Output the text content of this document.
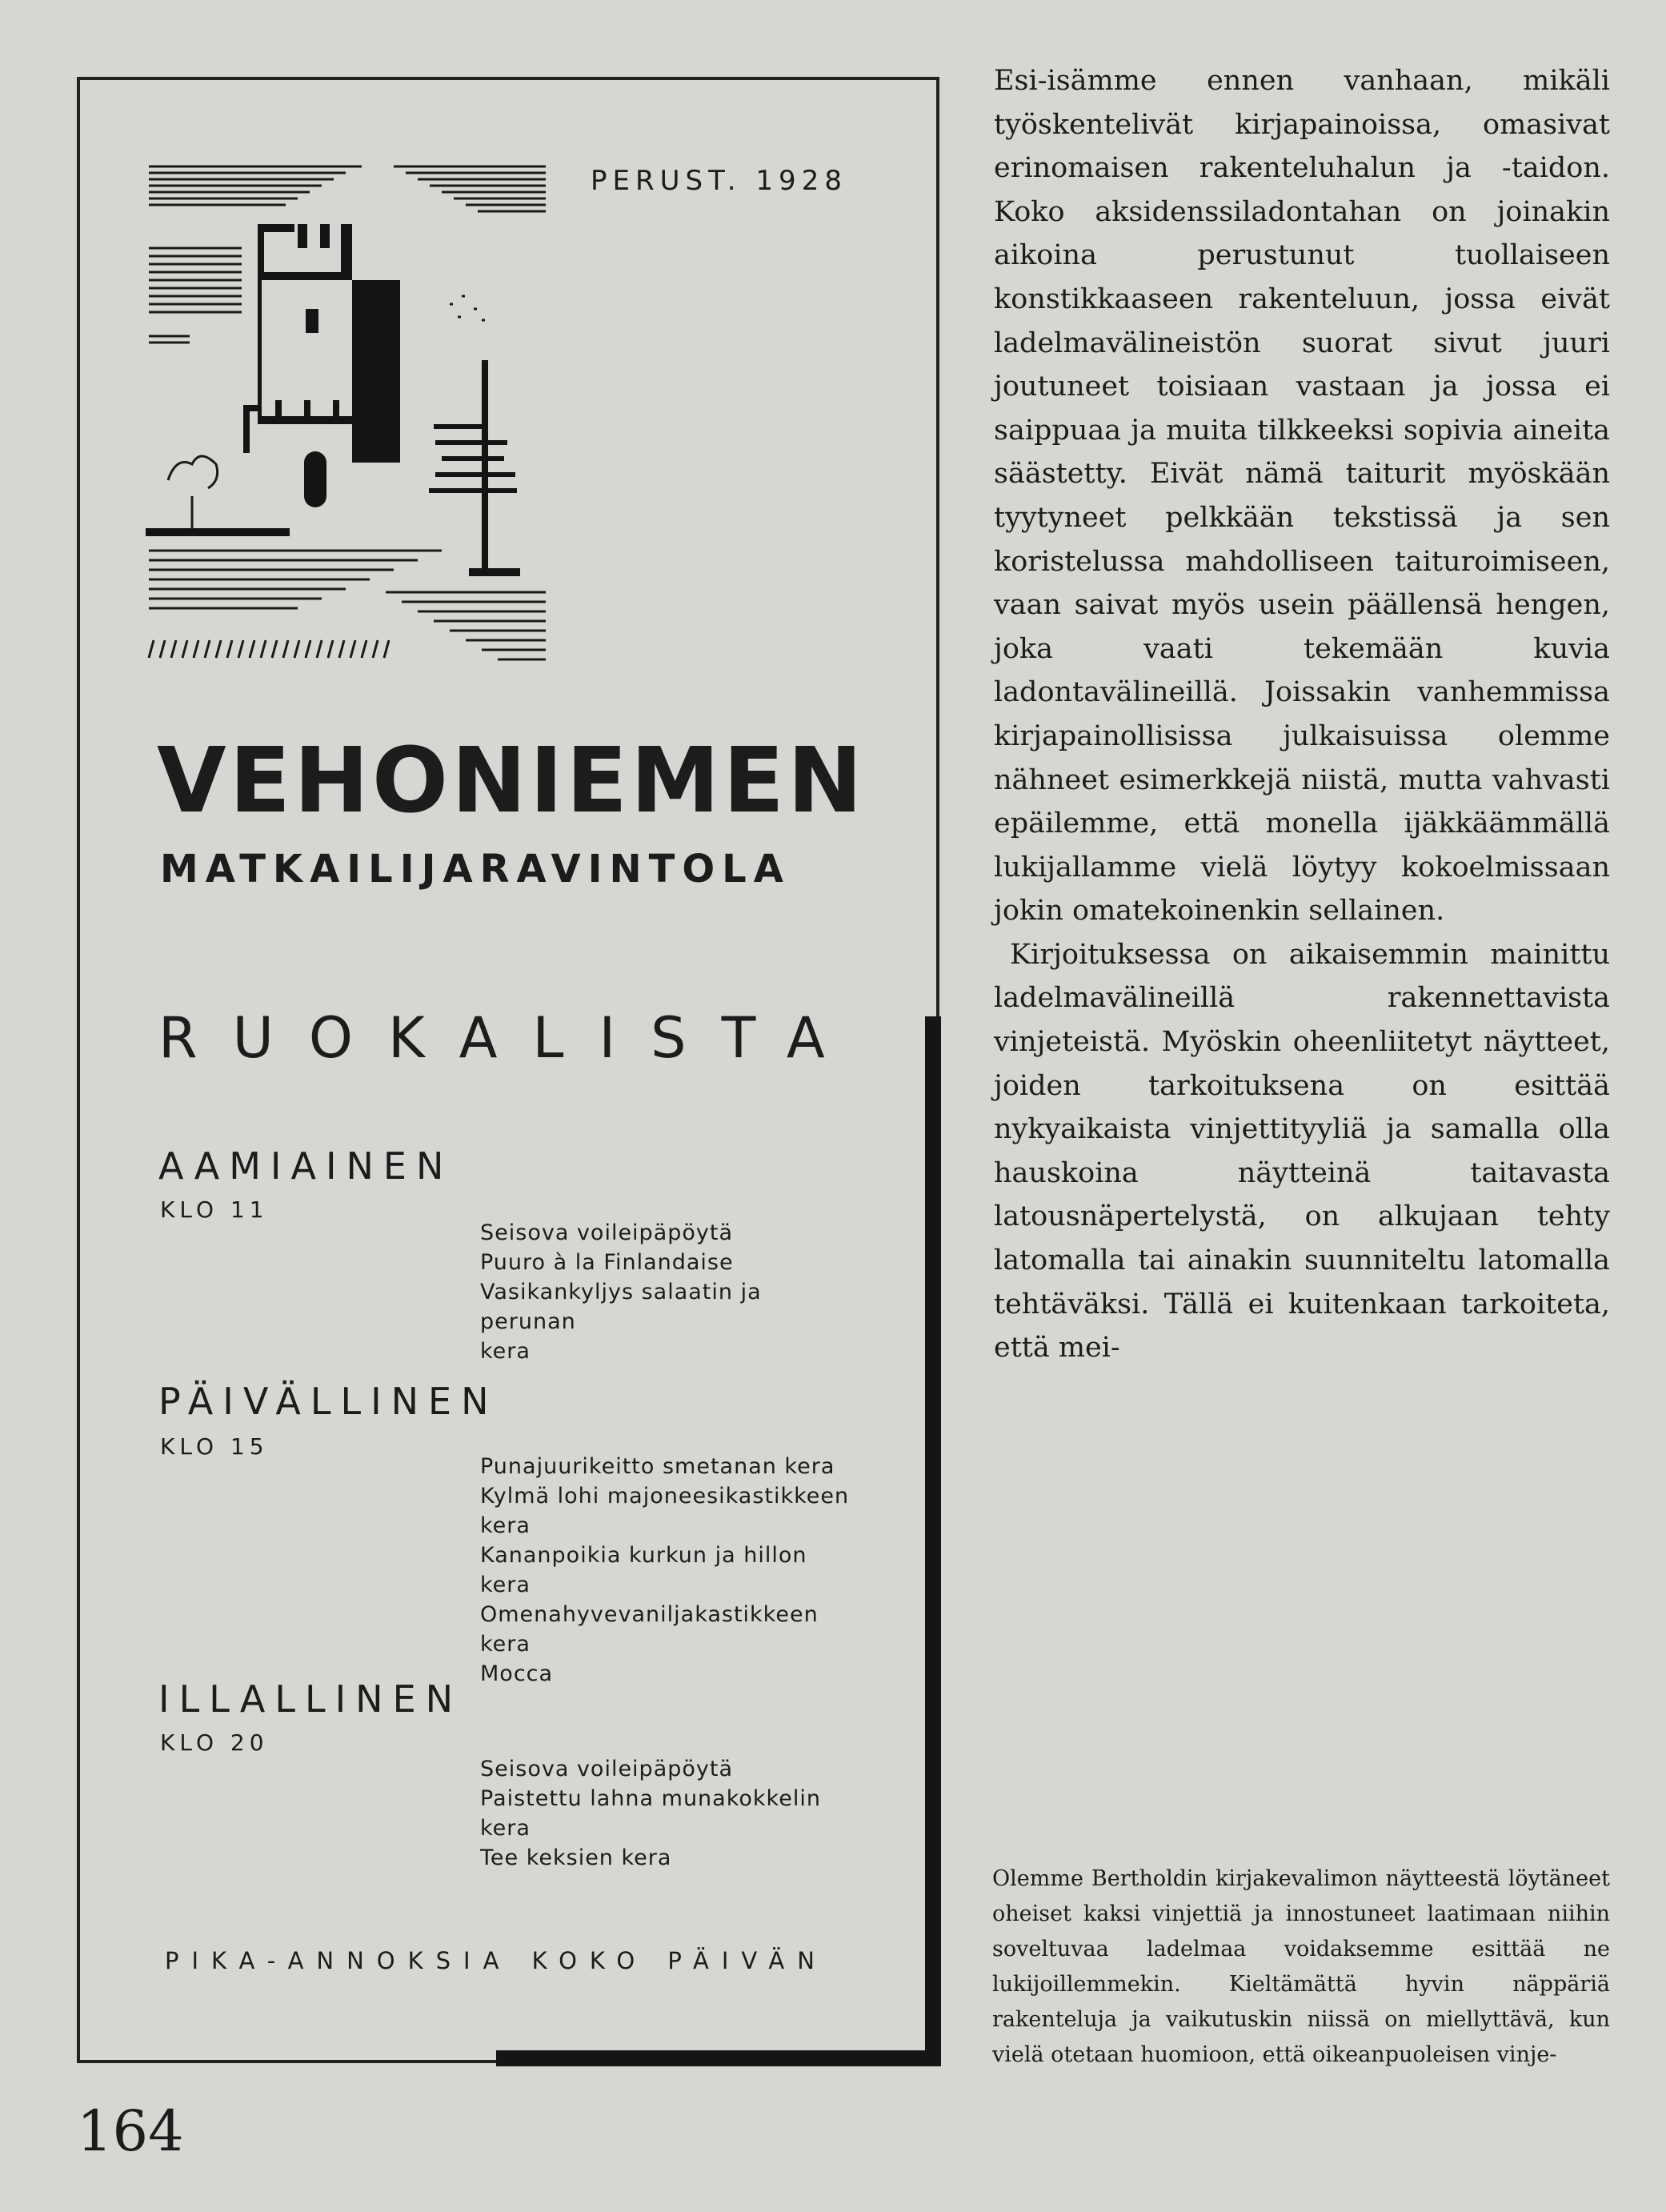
PERUST. 1928
VEHONIEMEN
MATKAILIJARAVINTOLA
RUOKALISTA
AAMIAINEN
KLO 11
Seisova voileipäpöytä
Puuro à la Finlandaise
Vasikankyljys salaatin ja perunan
kera
PÄIVÄLLINEN
KLO 15
Punajuurikeitto smetanan kera
Kylmä lohi majoneesikastikkeen
kera
Kananpoikia kurkun ja hillon kera
Omenahyvevaniljakastikkeen kera
Mocca
ILLALLINEN
KLO 20
Seisova voileipäpöytä
Paistettu lahna munakokkelin kera
Tee keksien kera
PIKA-ANNOKSIA KOKO PÄIVÄN

Esi-isämme ennen vanhaan, mikäli työskentelivät kirjapainoissa, omasivat erinomaisen rakenteluhalun ja -taidon. Koko aksidenssiladontahan on joinakin aikoina perustunut tuollaiseen konstikkaaseen rakenteluun, jossa eivät ladelmavälineistön suorat sivut juuri joutuneet toisiaan vastaan ja jossa ei saippuaa ja muita tilkkeeksi sopivia aineita säästetty. Eivät nämä taiturit myöskään tyytyneet pelkkään tekstissä ja sen koristelussa mahdolliseen taituroimiseen, vaan saivat myös usein päällensä hengen, joka vaati tekemään kuvia ladontavälineillä. Joissakin vanhemmissa kirjapainollisissa julkaisuissa olemme nähneet esimerkkejä niistä, mutta vahvasti epäilemme, että monella ijäkkäämmällä lukijallamme vielä löytyy kokoelmissaan jokin omatekoinenkin sellainen.

Kirjoituksessa on aikaisemmin mainittu ladelmavälineillä rakennettavista vinjeteistä. Myöskin oheenliitetyt näytteet, joiden tarkoituksena on esittää nykyaikaista vinjettityyliä ja samalla olla hauskoina näytteinä taitavasta latousnäpertelystä, on alkujaan tehty latomalla tai ainakin suunniteltu latomalla tehtäväksi. Tällä ei kuitenkaan tarkoiteta, että mei-

Olemme Bertholdin kirjakevalimon näytteestä löytäneet oheiset kaksi vinjettiä ja innostuneet laatimaan niihin soveltuvaa ladelmaa voidaksemme esittää ne lukijoillemmekin. Kieltämättä hyvin näppäriä rakenteluja ja vaikutuskin niissä on miellyttävä, kun vielä otetaan huomioon, että oikeanpuoleisen vinje-

164
